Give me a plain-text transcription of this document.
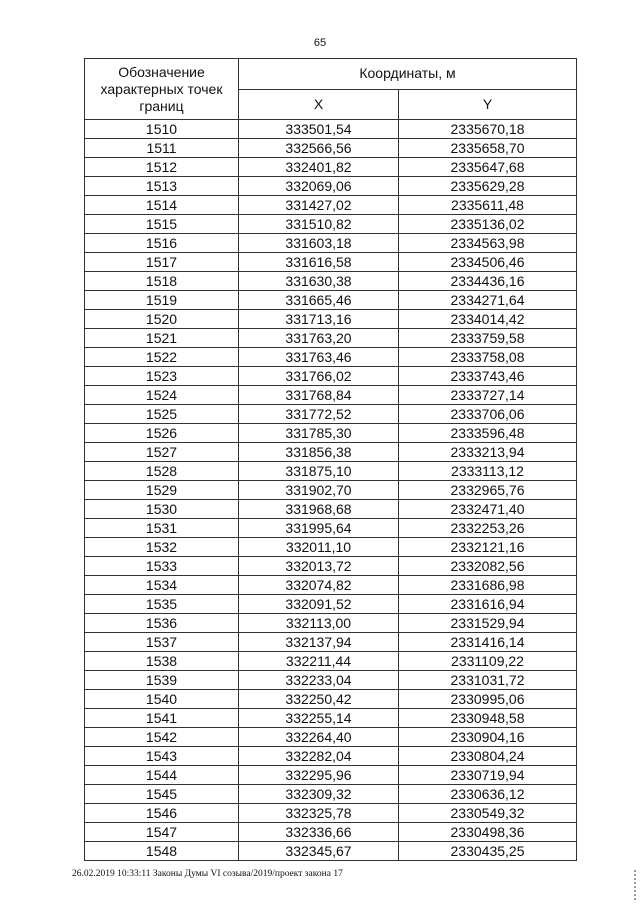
65
Обозначение характерных точек границ	Координаты, м	
	X	Y
1510	333501,54	2335670,18
1511	332566,56	2335658,70
1512	332401,82	2335647,68
1513	332069,06	2335629,28
1514	331427,02	2335611,48
1515	331510,82	2335136,02
1516	331603,18	2334563,98
1517	331616,58	2334506,46
1518	331630,38	2334436,16
1519	331665,46	2334271,64
1520	331713,16	2334014,42
1521	331763,20	2333759,58
1522	331763,46	2333758,08
1523	331766,02	2333743,46
1524	331768,84	2333727,14
1525	331772,52	2333706,06
1526	331785,30	2333596,48
1527	331856,38	2333213,94
1528	331875,10	2333113,12
1529	331902,70	2332965,76
1530	331968,68	2332471,40
1531	331995,64	2332253,26
1532	332011,10	2332121,16
1533	332013,72	2332082,56
1534	332074,82	2331686,98
1535	332091,52	2331616,94
1536	332113,00	2331529,94
1537	332137,94	2331416,14
1538	332211,44	2331109,22
1539	332233,04	2331031,72
1540	332250,42	2330995,06
1541	332255,14	2330948,58
1542	332264,40	2330904,16
1543	332282,04	2330804,24
1544	332295,96	2330719,94
1545	332309,32	2330636,12
1546	332325,78	2330549,32
1547	332336,66	2330498,36
1548	332345,67	2330435,25
26.02.2019 10:33:11 Законы Думы VI созыва/2019/проект закона 17
